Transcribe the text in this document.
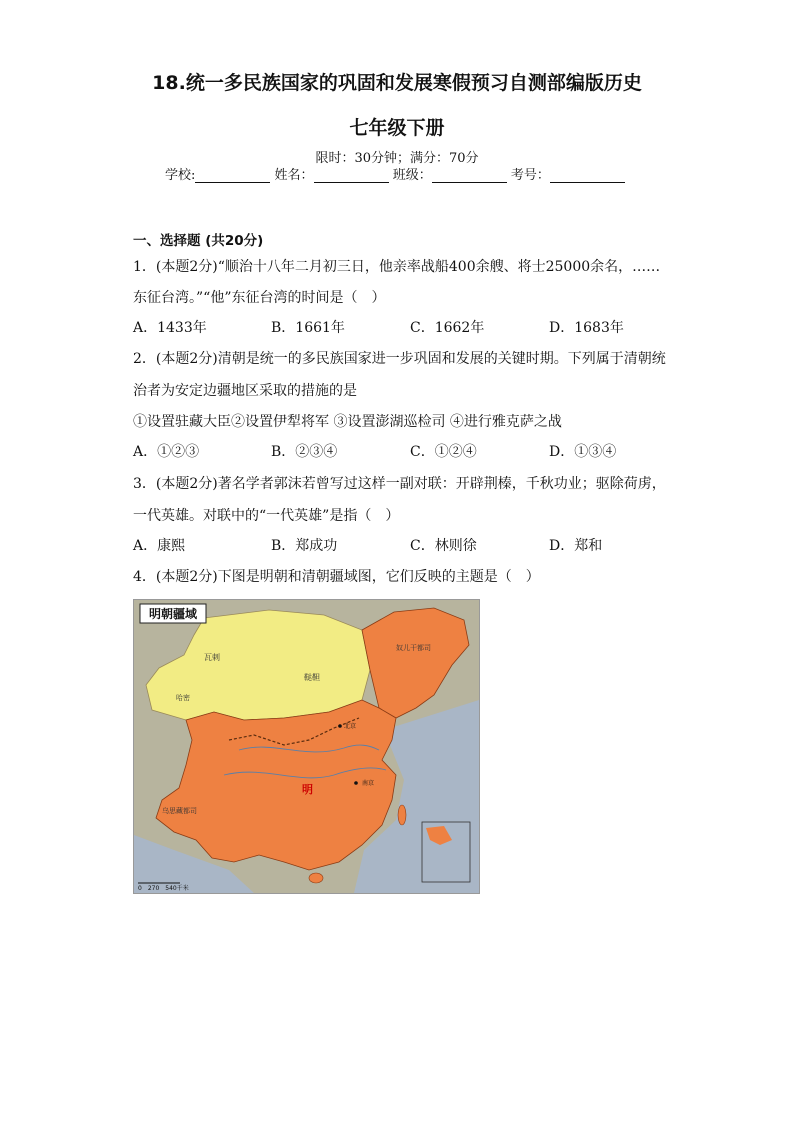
18.统一多民族国家的巩固和发展寒假预习自测部编版历史
七年级下册
限时：30分钟；满分：70分
学校:	姓名：	班级：	考号：
一、选择题 (共20分)
1．(本题2分)“顺治十八年二月初三日，他亲率战船400余艘、将士25000余名，……
东征台湾。”“他”东征台湾的时间是（　）
A．1433年	B．1661年	C．1662年	D．1683年
2．(本题2分)清朝是统一的多民族国家进一步巩固和发展的关键时期。下列属于清朝统
治者为安定边疆地区采取的措施的是
①设置驻藏大臣②设置伊犁将军 ③设置澎湖巡检司 ④进行雅克萨之战
A．①②③	B．②③④	C．①②④	D．①③④
3．(本题2分)著名学者郭沫若曾写过这样一副对联：开辟荆榛，千秋功业；驱除荷虏，
一代英雄。对联中的“一代英雄”是指（　）
A．康熙	B．郑成功	C．林则徐	D．郑和
4．(本题2分)下图是明朝和清朝疆域图，它们反映的主题是（　）
明朝疆域
明
瓦剌
鞑靼
奴儿干都司
乌思藏都司
哈密
南京
北京
0　270　540千米
